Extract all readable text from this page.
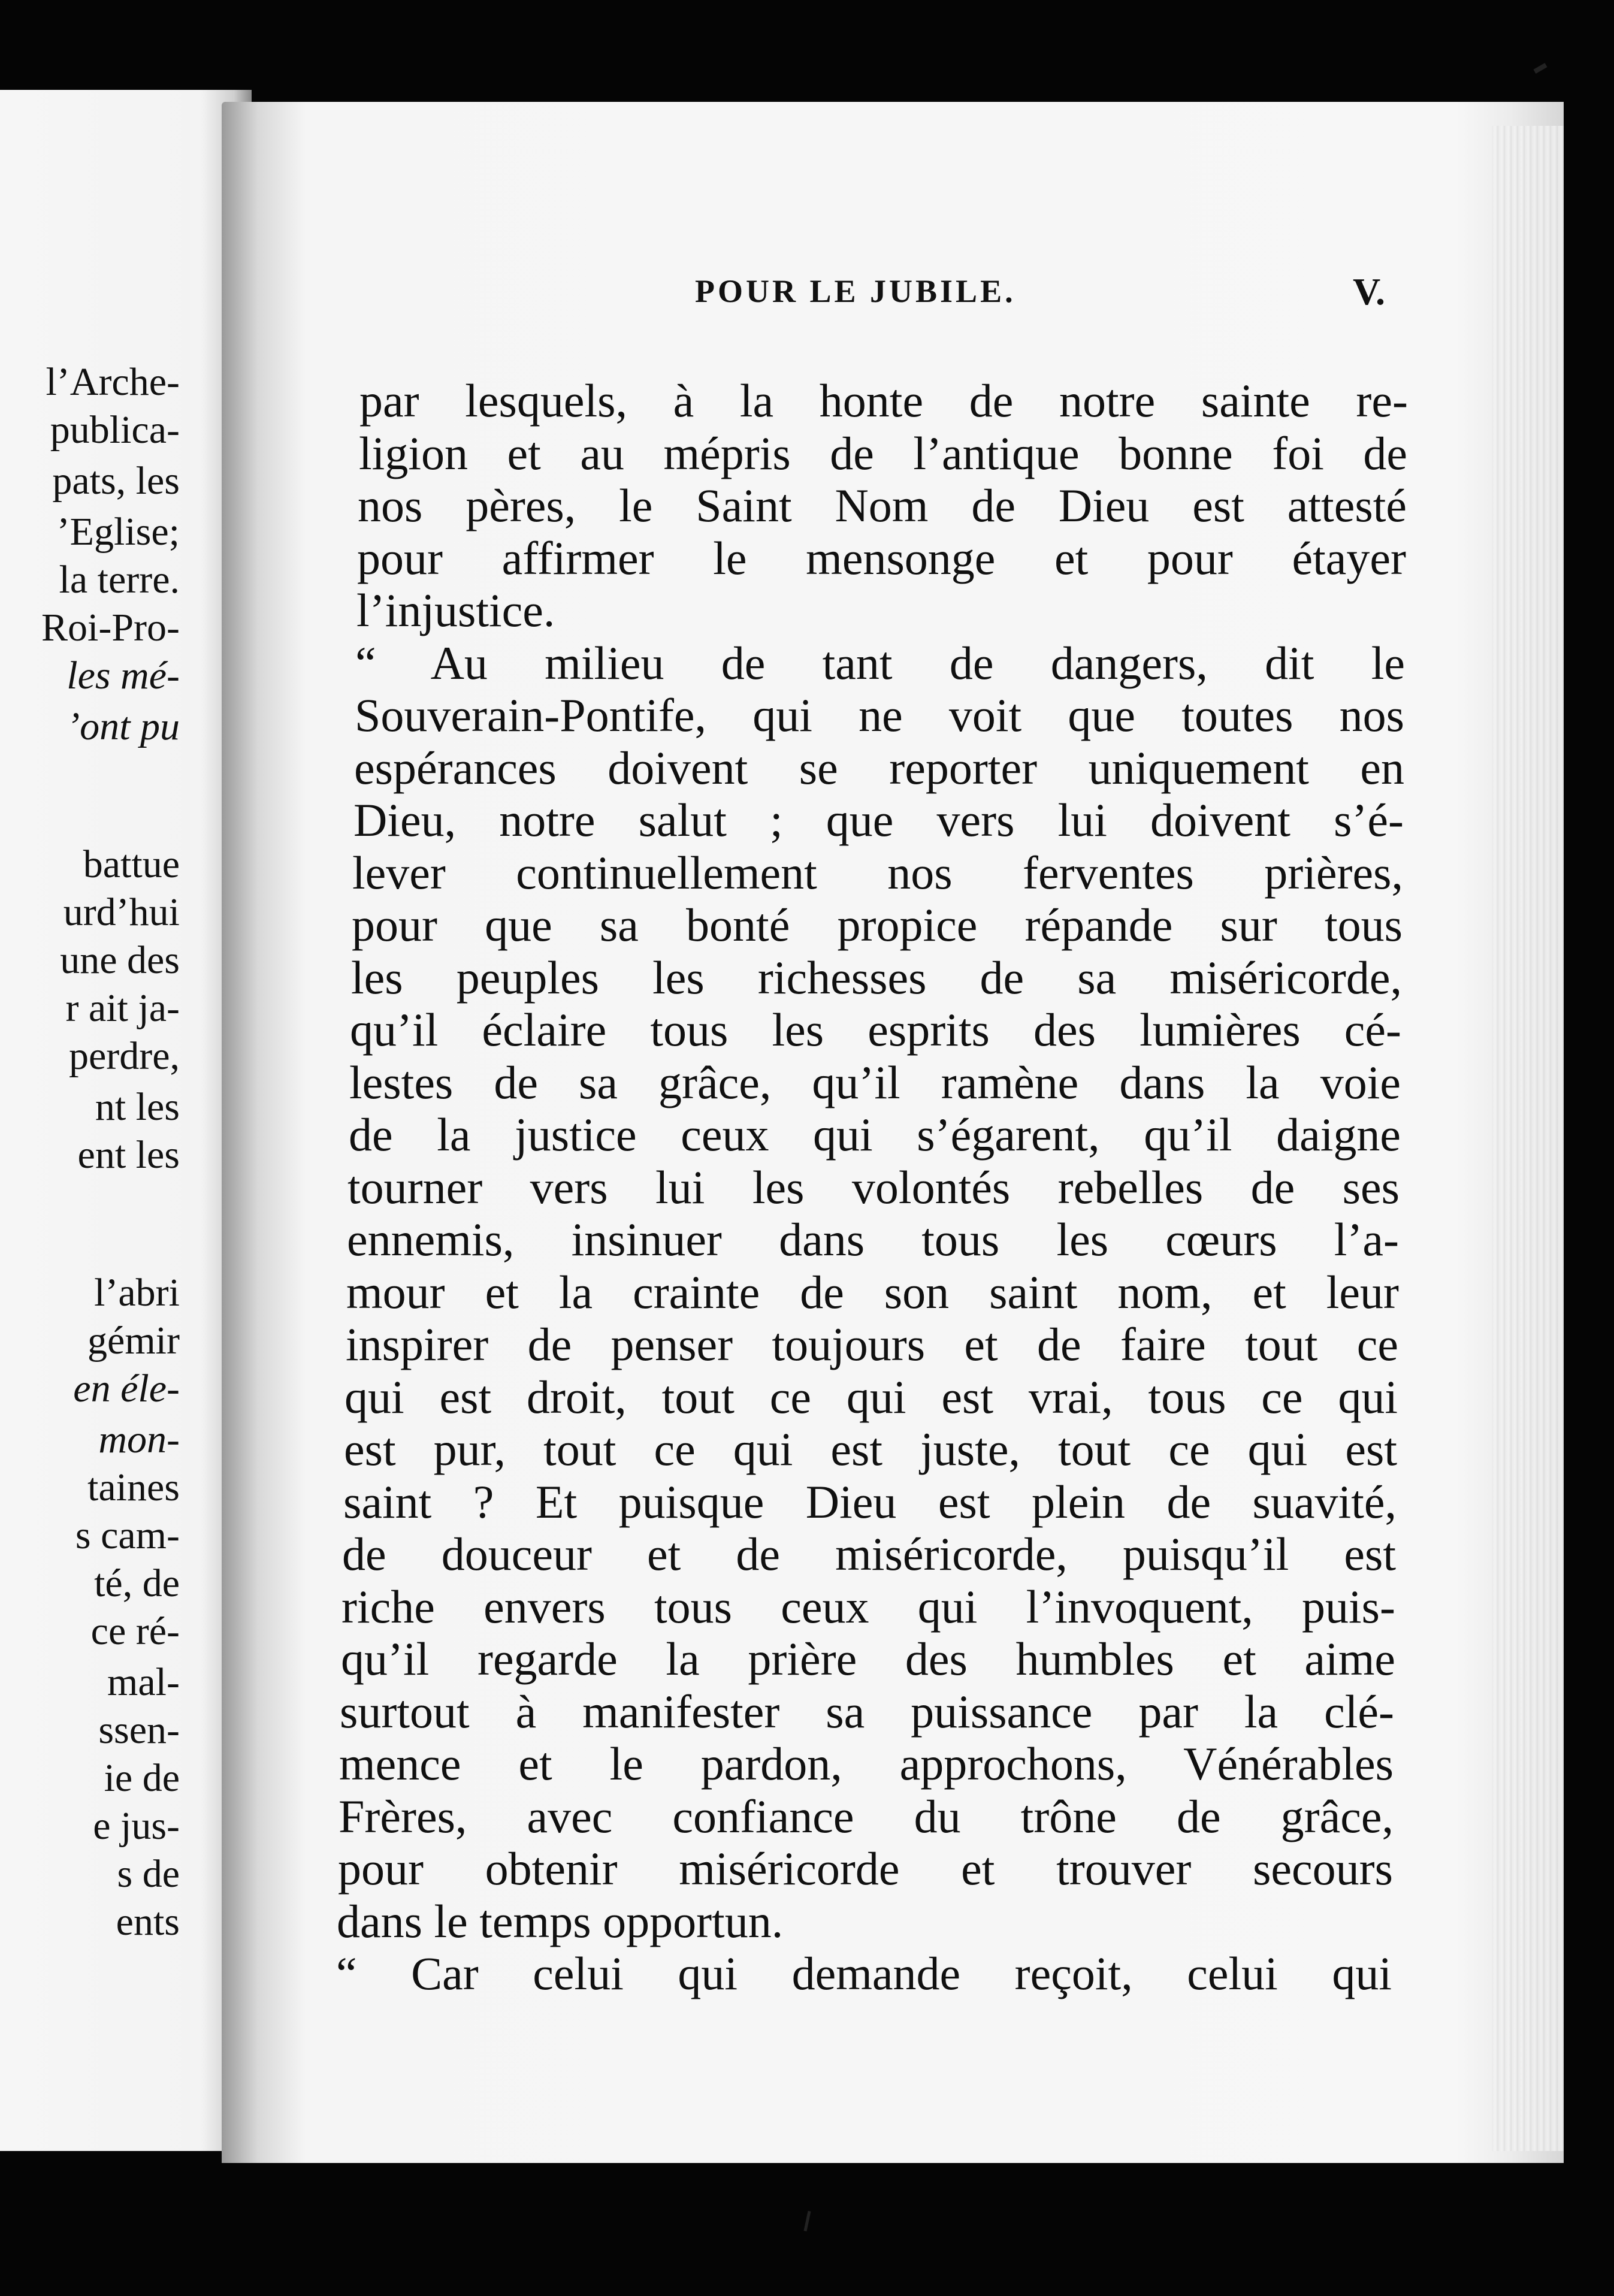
l’Arche-
publica-
pats, les
’Eglise;
la terre.
Roi-Pro-
les mé-
’ont pu
battue
urd’hui
une des
r ait ja-
perdre,
nt les
ent les
l’abri
gémir
en éle-
mon-
taines
s cam-
té, de
ce ré-
mal-
ssen-
ie de
e jus-
s de
ents
POUR LE JUBILE.	V.
par lesquels, à la honte de notre sainte re-
ligion et au mépris de l’antique bonne foi de
nos pères, le Saint Nom de Dieu est attesté
pour affirmer le mensonge et pour étayer
l’injustice.
“ Au milieu de tant de dangers, dit le
Souverain-Pontife, qui ne voit que toutes nos
espérances doivent se reporter uniquement en
Dieu, notre salut ; que vers lui doivent s’é-
lever continuellement nos ferventes prières,
pour que sa bonté propice répande sur tous
les peuples les richesses de sa miséricorde,
qu’il éclaire tous les esprits des lumières cé-
lestes de sa grâce, qu’il ramène dans la voie
de la justice ceux qui s’égarent, qu’il daigne
tourner vers lui les volontés rebelles de ses
ennemis, insinuer dans tous les cœurs l’a-
mour et la crainte de son saint nom, et leur
inspirer de penser toujours et de faire tout ce
qui est droit, tout ce qui est vrai, tous ce qui
est pur, tout ce qui est juste, tout ce qui est
saint ? Et puisque Dieu est plein de suavité,
de douceur et de miséricorde, puisqu’il est
riche envers tous ceux qui l’invoquent, puis-
qu’il regarde la prière des humbles et aime
surtout à manifester sa puissance par la clé-
mence et le pardon, approchons, Vénérables
Frères, avec confiance du trône de grâce,
pour obtenir miséricorde et trouver secours
dans le temps opportun.
“ Car celui qui demande reçoit, celui qui
